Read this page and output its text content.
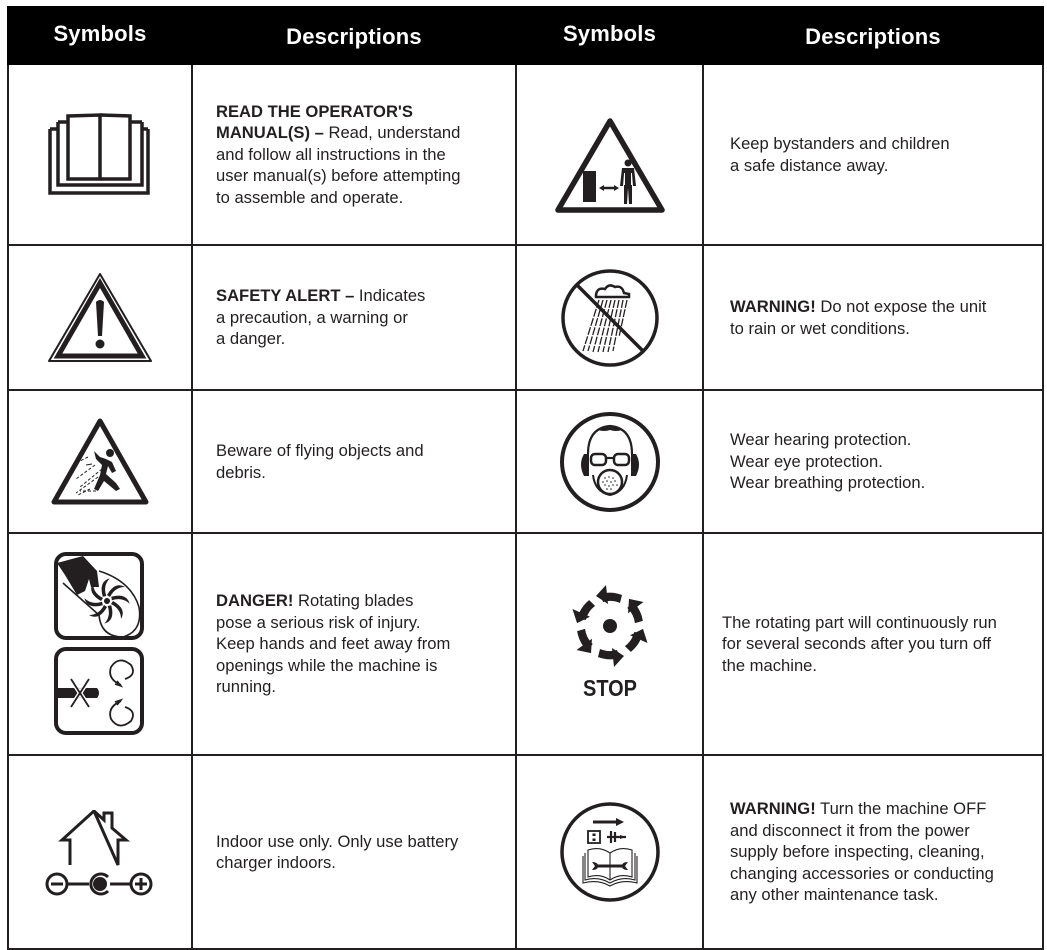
Symbols	Descriptions	Symbols	Descriptions

READ THE OPERATOR'S
MANUAL(S) – Read, understand
and follow all instructions in the
user manual(s) before attempting
to assemble and operate.		Keep bystanders and children
a safe distance away.

SAFETY ALERT – Indicates
a precaution, a warning or
a danger.		WARNING! Do not expose the unit
to rain or wet conditions.

Beware of flying objects and
debris.		Wear hearing protection.
Wear eye protection.
Wear breathing protection.

DANGER! Rotating blades
pose a serious risk of injury.
Keep hands and feet away from
openings while the machine is
running.	STOP	The rotating part will continuously run
for several seconds after you turn off
the machine.

Indoor use only. Only use battery
charger indoors.		WARNING! Turn the machine OFF
and disconnect it from the power
supply before inspecting, cleaning,
changing accessories or conducting
any other maintenance task.
